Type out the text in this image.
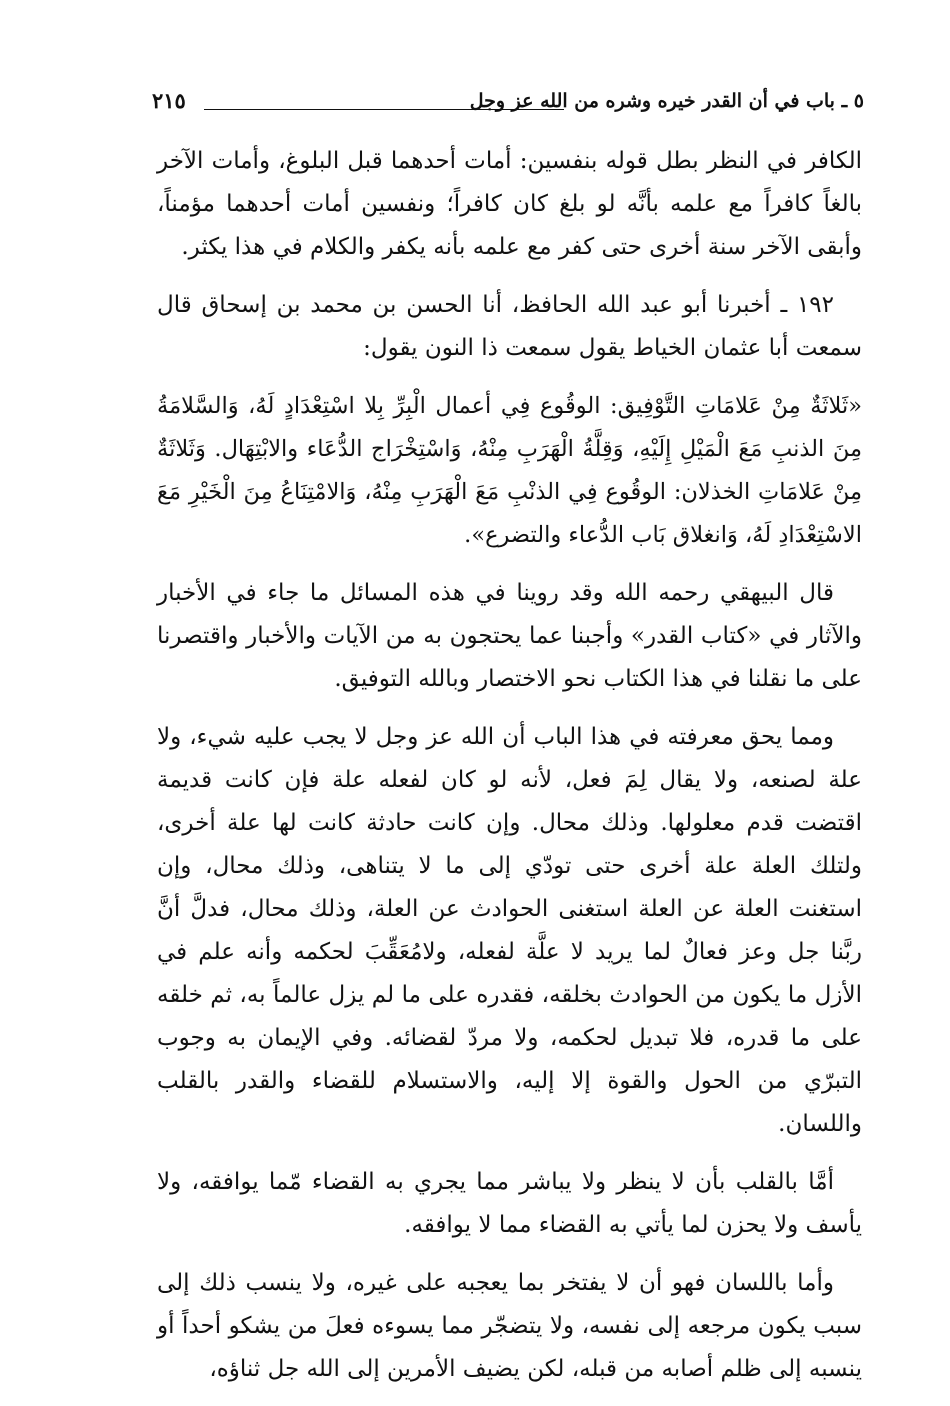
٥ ـ باب في أن القدر خيره وشره من الله عز وجل
٢١٥

الكافر في النظر بطل قوله بنفسين: أمات أحدهما قبل البلوغ، وأمات الآخر بالغاً كافراً مع علمه بأنَّه لو بلغ كان كافراً؛ ونفسين أمات أحدهما مؤمناً، وأبقى الآخر سنة أخرى حتى كفر مع علمه بأنه يكفر والكلام في هذا يكثر.

١٩٢ ـ أخبرنا أبو عبد الله الحافظ، أنا الحسن بن محمد بن إسحاق قال سمعت أبا عثمان الخياط يقول سمعت ذا النون يقول:

«ثَلاثَةٌ مِنْ عَلامَاتِ التَّوْفِيق: الوقُوع فِي أعمال الْبِرِّ بِلا اسْتِعْدَادٍ لَهُ، وَالسَّلامَةُ مِنَ الذنبِ مَعَ الْمَيْلِ إِلَيْهِ، وَقِلَّةُ الْهَرَبِ مِنْهُ، وَاسْتِخْرَاج الدُّعَاء والابْتِهَال. وَثَلاثَةٌ مِنْ عَلامَاتِ الخذلان: الوقُوع فِي الذنْبِ مَعَ الْهَرَبِ مِنْهُ، وَالامْتِنَاعُ مِنَ الْخَيْرِ مَعَ الاسْتِعْدَادِ لَهُ، وَانغلاق بَاب الدُّعاء والتضرع».

قال البيهقي رحمه الله وقد روينا في هذه المسائل ما جاء في الأخبار والآثار في «كتاب القدر» وأجبنا عما يحتجون به من الآيات والأخبار واقتصرنا على ما نقلنا في هذا الكتاب نحو الاختصار وبالله التوفيق.

ومما يحق معرفته في هذا الباب أن الله عز وجل لا يجب عليه شيء، ولا علة لصنعه، ولا يقال لِمَ فعل، لأنه لو كان لفعله علة فإن كانت قديمة اقتضت قدم معلولها. وذلك محال. وإن كانت حادثة كانت لها علة أخرى، ولتلك العلة علة أخرى حتى تودّي إلى ما لا يتناهى، وذلك محال، وإن استغنت العلة عن العلة استغنى الحوادث عن العلة، وذلك محال، فدلَّ أنَّ ربَّنا جل وعز فعالٌ لما يريد لا علَّة لفعله، ولامُعَقِّبَ لحكمه وأنه علم في الأزل ما يكون من الحوادث بخلقه، فقدره على ما لم يزل عالماً به، ثم خلقه على ما قدره، فلا تبديل لحكمه، ولا مردّ لقضائه. وفي الإيمان به وجوب التبرّي من الحول والقوة إلا إليه، والاستسلام للقضاء والقدر بالقلب واللسان.

أمَّا بالقلب بأن لا ينظر ولا يباشر مما يجري به القضاء مّما يوافقه، ولا يأسف ولا يحزن لما يأتي به القضاء مما لا يوافقه.

وأما باللسان فهو أن لا يفتخر بما يعجبه على غيره، ولا ينسب ذلك إلى سبب يكون مرجعه إلى نفسه، ولا يتضجّر مما يسوءه فعلَ من يشكو أحداً أو ينسبه إلى ظلم أصابه من قبله، لكن يضيف الأمرين إلى الله جل ثناؤه،
